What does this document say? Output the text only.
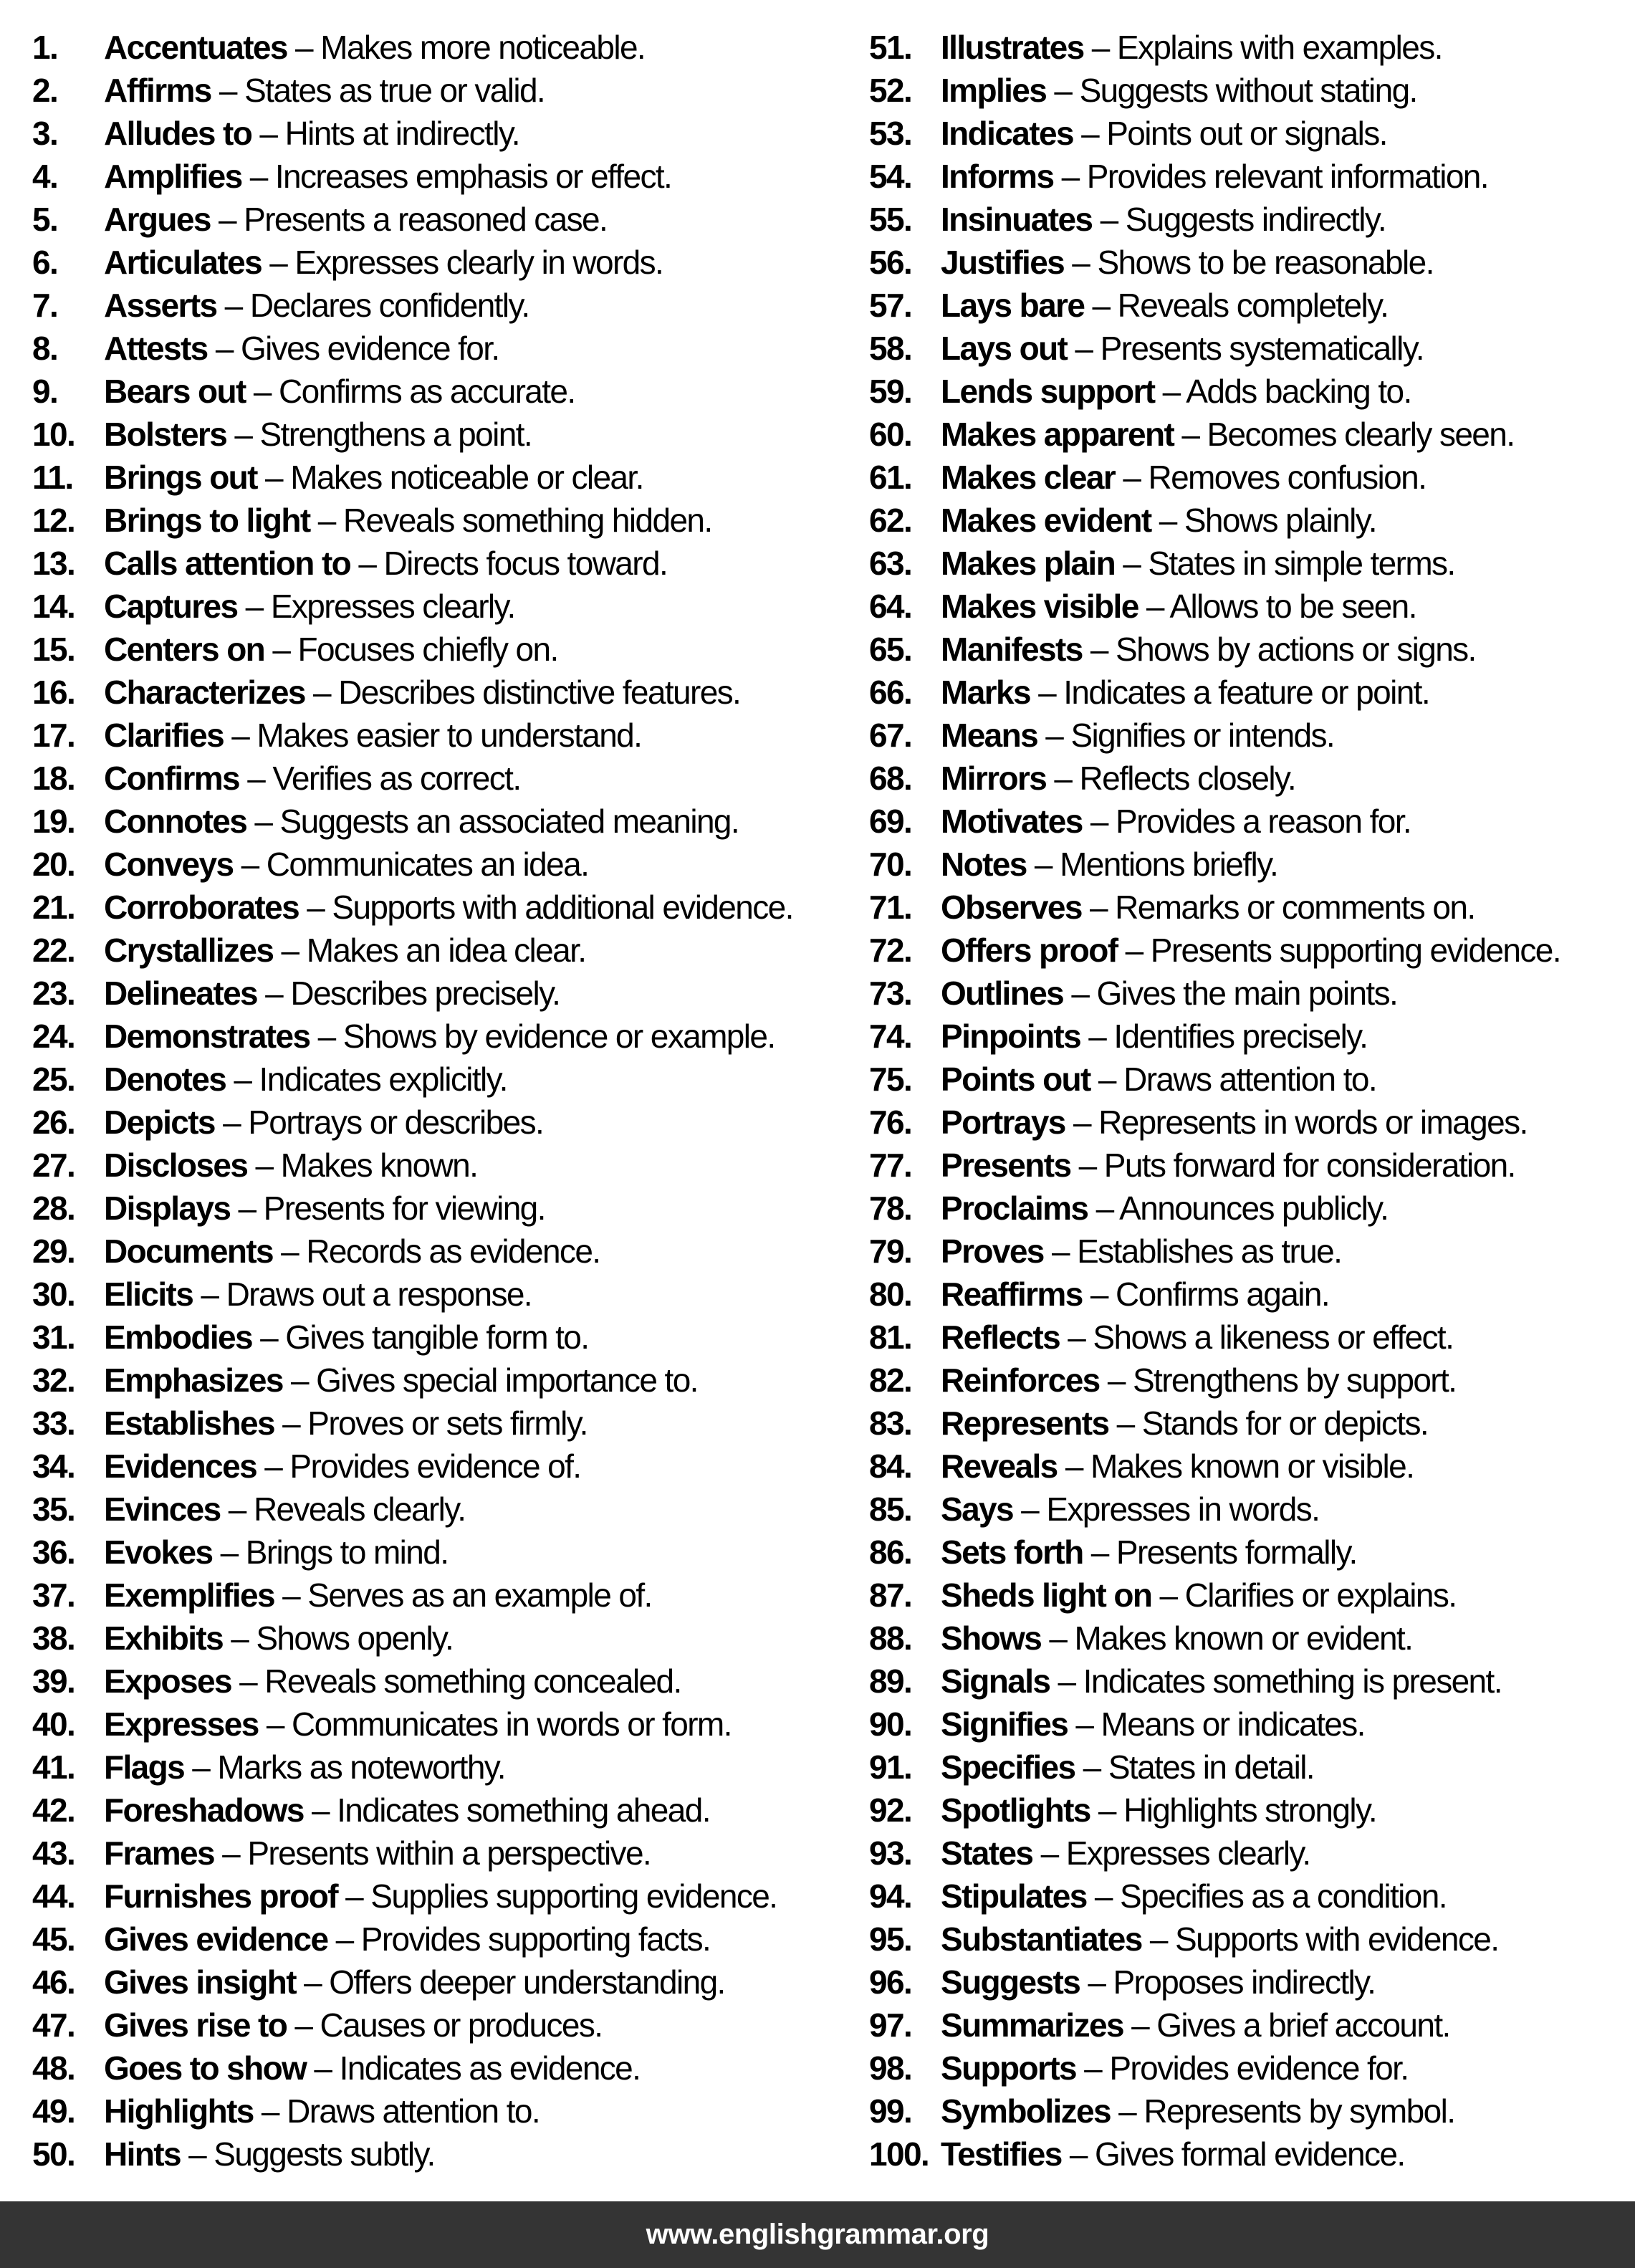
1. Accentuates – Makes more noticeable.
2. Affirms – States as true or valid.
3. Alludes to – Hints at indirectly.
4. Amplifies – Increases emphasis or effect.
5. Argues – Presents a reasoned case.
6. Articulates – Expresses clearly in words.
7. Asserts – Declares confidently.
8. Attests – Gives evidence for.
9. Bears out – Confirms as accurate.
10. Bolsters – Strengthens a point.
11. Brings out – Makes noticeable or clear.
12. Brings to light – Reveals something hidden.
13. Calls attention to – Directs focus toward.
14. Captures – Expresses clearly.
15. Centers on – Focuses chiefly on.
16. Characterizes – Describes distinctive features.
17. Clarifies – Makes easier to understand.
18. Confirms – Verifies as correct.
19. Connotes – Suggests an associated meaning.
20. Conveys – Communicates an idea.
21. Corroborates – Supports with additional evidence.
22. Crystallizes – Makes an idea clear.
23. Delineates – Describes precisely.
24. Demonstrates – Shows by evidence or example.
25. Denotes – Indicates explicitly.
26. Depicts – Portrays or describes.
27. Discloses – Makes known.
28. Displays – Presents for viewing.
29. Documents – Records as evidence.
30. Elicits – Draws out a response.
31. Embodies – Gives tangible form to.
32. Emphasizes – Gives special importance to.
33. Establishes – Proves or sets firmly.
34. Evidences – Provides evidence of.
35. Evinces – Reveals clearly.
36. Evokes – Brings to mind.
37. Exemplifies – Serves as an example of.
38. Exhibits – Shows openly.
39. Exposes – Reveals something concealed.
40. Expresses – Communicates in words or form.
41. Flags – Marks as noteworthy.
42. Foreshadows – Indicates something ahead.
43. Frames – Presents within a perspective.
44. Furnishes proof – Supplies supporting evidence.
45. Gives evidence – Provides supporting facts.
46. Gives insight – Offers deeper understanding.
47. Gives rise to – Causes or produces.
48. Goes to show – Indicates as evidence.
49. Highlights – Draws attention to.
50. Hints – Suggests subtly.
51. Illustrates – Explains with examples.
52. Implies – Suggests without stating.
53. Indicates – Points out or signals.
54. Informs – Provides relevant information.
55. Insinuates – Suggests indirectly.
56. Justifies – Shows to be reasonable.
57. Lays bare – Reveals completely.
58. Lays out – Presents systematically.
59. Lends support – Adds backing to.
60. Makes apparent – Becomes clearly seen.
61. Makes clear – Removes confusion.
62. Makes evident – Shows plainly.
63. Makes plain – States in simple terms.
64. Makes visible – Allows to be seen.
65. Manifests – Shows by actions or signs.
66. Marks – Indicates a feature or point.
67. Means – Signifies or intends.
68. Mirrors – Reflects closely.
69. Motivates – Provides a reason for.
70. Notes – Mentions briefly.
71. Observes – Remarks or comments on.
72. Offers proof – Presents supporting evidence.
73. Outlines – Gives the main points.
74. Pinpoints – Identifies precisely.
75. Points out – Draws attention to.
76. Portrays – Represents in words or images.
77. Presents – Puts forward for consideration.
78. Proclaims – Announces publicly.
79. Proves – Establishes as true.
80. Reaffirms – Confirms again.
81. Reflects – Shows a likeness or effect.
82. Reinforces – Strengthens by support.
83. Represents – Stands for or depicts.
84. Reveals – Makes known or visible.
85. Says – Expresses in words.
86. Sets forth – Presents formally.
87. Sheds light on – Clarifies or explains.
88. Shows – Makes known or evident.
89. Signals – Indicates something is present.
90. Signifies – Means or indicates.
91. Specifies – States in detail.
92. Spotlights – Highlights strongly.
93. States – Expresses clearly.
94. Stipulates – Specifies as a condition.
95. Substantiates – Supports with evidence.
96. Suggests – Proposes indirectly.
97. Summarizes – Gives a brief account.
98. Supports – Provides evidence for.
99. Symbolizes – Represents by symbol.
100. Testifies – Gives formal evidence.
www.englishgrammar.org
